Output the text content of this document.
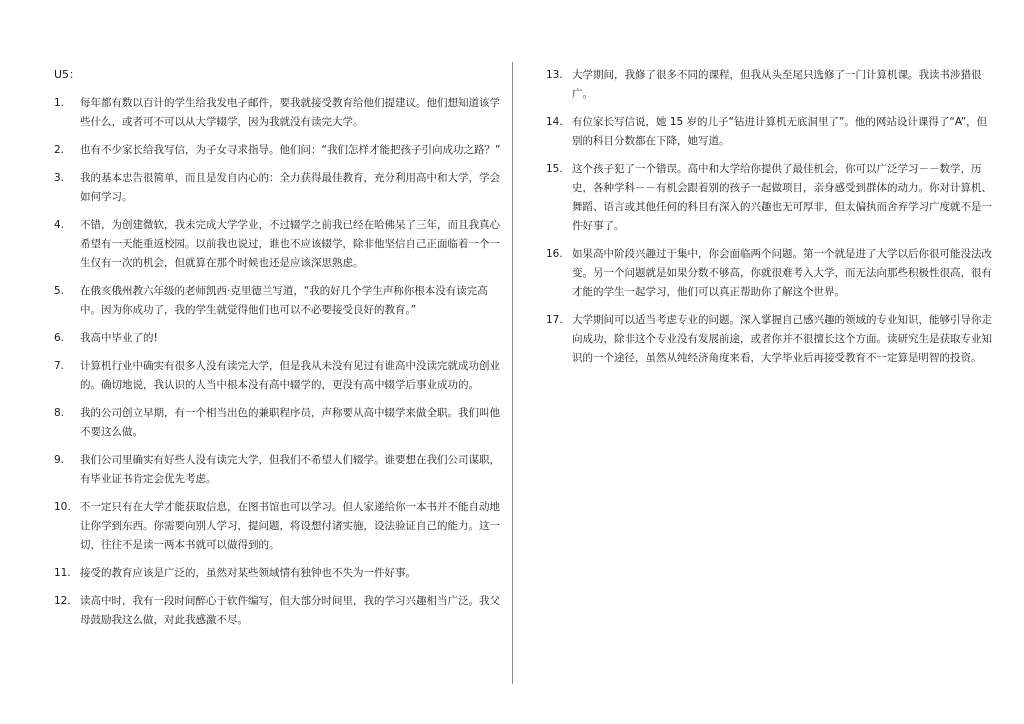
U5：
1.	每年都有数以百计的学生给我发电子邮件，要我就接受教育给他们提建议。他们想知道该学些什么，或者可不可以从大学辍学，因为我就没有读完大学。
2.	也有不少家长给我写信，为子女寻求指导。他们问：“我们怎样才能把孩子引向成功之路？”
3.	我的基本忠告很简单，而且是发自内心的：全力获得最佳教育，充分利用高中和大学，学会如何学习。
4.	不错，为创建微软，我未完成大学学业，不过辍学之前我已经在哈佛呆了三年，而且我真心希望有一天能重返校园。以前我也说过，谁也不应该辍学，除非他坚信自己正面临着一个一生仅有一次的机会，但就算在那个时候也还是应该深思熟虑。
5.	在俄亥俄州教六年级的老师凯西·克里德兰写道，“我的好几个学生声称你根本没有读完高中。因为你成功了，我的学生就觉得他们也可以不必要接受良好的教育。”
6.	我高中毕业了的!
7.	计算机行业中确实有很多人没有读完大学，但是我从未没有见过有谁高中没读完就成功创业的。确切地说，我认识的人当中根本没有高中辍学的，更没有高中辍学后事业成功的。
8.	我的公司创立早期，有一个相当出色的兼职程序员，声称要从高中辍学来做全职。我们叫他不要这么做。
9.	我们公司里确实有好些人没有读完大学，但我们不希望人们辍学。谁要想在我们公司谋职，有毕业证书肯定会优先考虑。
10. 不一定只有在大学才能获取信息，在图书馆也可以学习。但人家递给你一本书并不能自动地让你学到东西。你需要向别人学习，提问题，将设想付诸实施，设法验证自己的能力。这一切，往往不是读一两本书就可以做得到的。
11. 接受的教育应该是广泛的，虽然对某些领域情有独钟也不失为一件好事。
12. 读高中时，我有一段时间醉心于软件编写，但大部分时间里，我的学习兴趣相当广泛。我父母鼓励我这么做，对此我感激不尽。
13. 大学期间，我修了很多不同的课程，但我从头至尾只选修了一门计算机课。我读书涉猎很广。
14. 有位家长写信说，她 15 岁的儿子“钻进计算机无底洞里了”。他的网站设计课得了“A”，但别的科目分数都在下降，她写道。
15. 这个孩子犯了一个错误。高中和大学给你提供了最佳机会，你可以广泛学习－－数学，历史，各种学科－－有机会跟着别的孩子一起做项目，亲身感受到群体的动力。你对计算机、舞蹈、语言或其他任何的科目有深入的兴趣也无可厚非，但太偏执而舍弃学习广度就不是一件好事了。
16. 如果高中阶段兴趣过于集中，你会面临两个问题。第一个就是进了大学以后你很可能没法改变。另一个问题就是如果分数不够高，你就很难考入大学，而无法向那些积极性很高，很有才能的学生一起学习，他们可以真正帮助你了解这个世界。
17. 大学期间可以适当考虑专业的问题。深入掌握自己感兴趣的领域的专业知识，能够引导你走向成功，除非这个专业没有发展前途，或者你并不很擅长这个方面。读研究生是获取专业知识的一个途径，虽然从纯经济角度来看，大学毕业后再接受教育不一定算是明智的投资。
